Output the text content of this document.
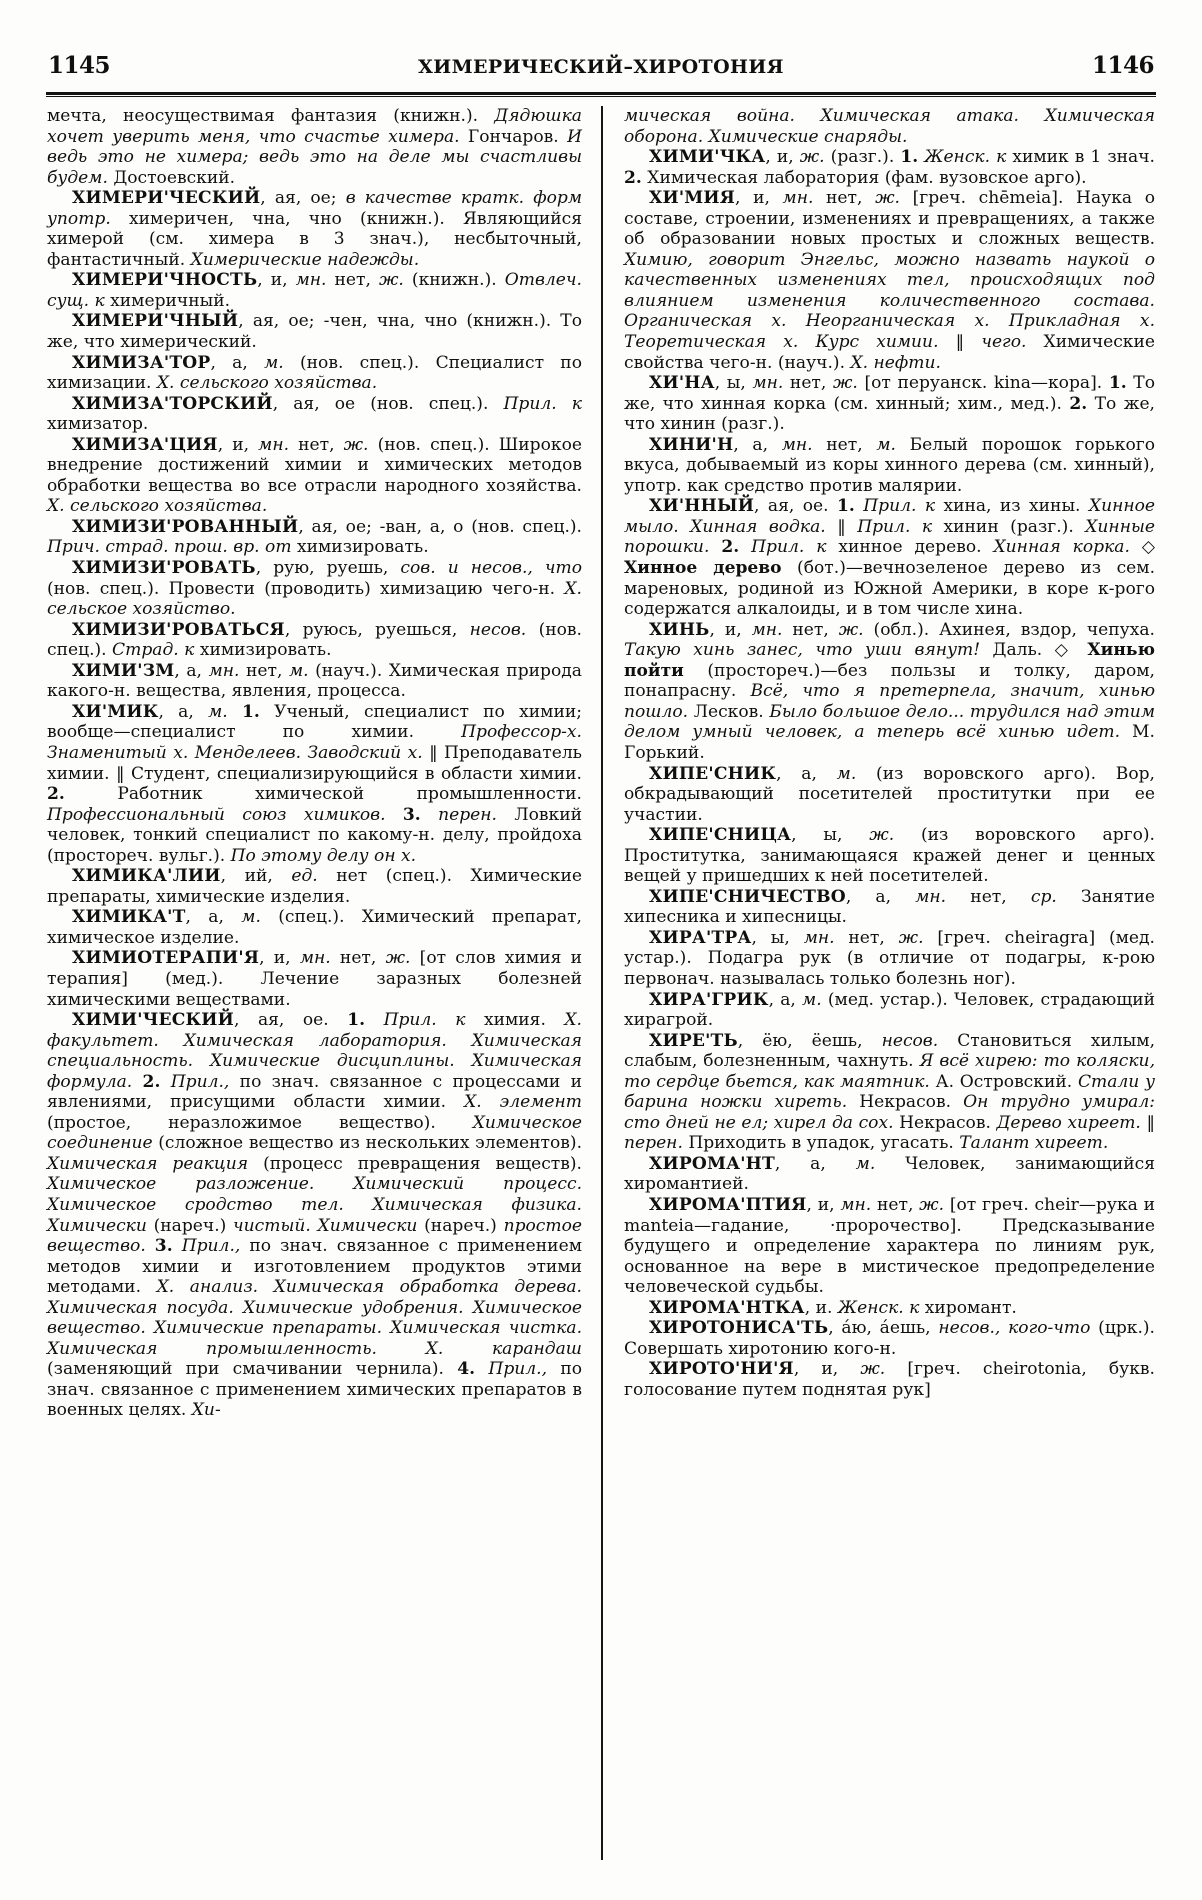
1145	ХИМЕРИЧЕСКИЙ–ХИРОТОНИЯ	1146

мечта, неосуществимая фантазия (книжн.). Дядюшка хочет уверить меня, что счастье химера. Гончаров. И ведь это не химера; ведь это на деле мы счастливы будем. Достоевский.

ХИМЕРИ'ЧЕСКИЙ, ая, ое; в качестве кратк. форм употр. химеричен, чна, чно (книжн.). Являющийся химерой (см. химера в 3 знач.), несбыточный, фантастичный. Химерические надежды.

ХИМЕРИ'ЧНОСТЬ, и, мн. нет, ж. (книжн.). Отвлеч. сущ. к химеричный.

ХИМЕРИ'ЧНЫЙ, ая, ое; -чен, чна, чно (книжн.). То же, что химерический.

ХИМИЗА'ТОР, а, м. (нов. спец.). Специалист по химизации. Х. сельского хозяйства.

ХИМИЗА'ТОРСКИЙ, ая, ое (нов. спец.). Прил. к химизатор.

ХИМИЗА'ЦИЯ, и, мн. нет, ж. (нов. спец.). Широкое внедрение достижений химии и химических методов обработки вещества во все отрасли народного хозяйства. Х. сельского хозяйства.

ХИМИЗИ'РОВАННЫЙ, ая, ое; -ван, а, о (нов. спец.). Прич. страд. прош. вр. от химизировать.

ХИМИЗИ'РОВАТЬ, рую, руешь, сов. и несов., что (нов. спец.). Провести (проводить) химизацию чего-н. Х. сельское хозяйство.

ХИМИЗИ'РОВАТЬСЯ, руюсь, руешься, несов. (нов. спец.). Страд. к химизировать.

ХИМИ'ЗМ, а, мн. нет, м. (науч.). Химическая природа какого-н. вещества, явления, процесса.

ХИ'МИК, а, м. 1. Ученый, специалист по химии; вообще—специалист по химии. Профессор-х. Знаменитый х. Менделеев. Заводский х. ‖ Преподаватель химии. ‖ Студент, специализирующийся в области химии. 2. Работник химической промышленности. Профессиональный союз химиков. 3. перен. Ловкий человек, тонкий специалист по какому-н. делу, пройдоха (простореч. вульг.). По этому делу он х.

ХИМИКА'ЛИИ, ий, ед. нет (спец.). Химические препараты, химические изделия.

ХИМИКА'Т, а, м. (спец.). Химический препарат, химическое изделие.

ХИМИОТЕРАПИ'Я, и, мн. нет, ж. [от слов химия и терапия] (мед.). Лечение заразных болезней химическими веществами.

ХИМИ'ЧЕСКИЙ, ая, ое. 1. Прил. к химия. Х. факультет. Химическая лаборатория. Химическая специальность. Химические дисциплины. Химическая формула. 2. Прил., по знач. связанное с процессами и явлениями, присущими области химии. Х. элемент (простое, неразложимое вещество). Химическое соединение (сложное вещество из нескольких элементов). Химическая реакция (процесс превращения веществ). Химическое разложение. Химический процесс. Химическое сродство тел. Химическая физика. Химически (нареч.) чистый. Химически (нареч.) простое вещество. 3. Прил., по знач. связанное с применением методов химии и изготовлением продуктов этими методами. Х. анализ. Химическая обработка дерева. Химическая посуда. Химические удобрения. Химическое вещество. Химические препараты. Химическая чистка. Химическая промышленность. Х. карандаш (заменяющий при смачивании чернила). 4. Прил., по знач. связанное с применением химических препаратов в военных целях. Хи-

мическая война. Химическая атака. Химическая оборона. Химические снаряды.

ХИМИ'ЧКА, и, ж. (разг.). 1. Женск. к химик в 1 знач. 2. Химическая лаборатория (фам. вузовское арго).

ХИ'МИЯ, и, мн. нет, ж. [греч. chēmeia]. Наука о составе, строении, изменениях и превращениях, а также об образовании новых простых и сложных веществ. Химию, говорит Энгельс, можно назвать наукой о качественных изменениях тел, происходящих под влиянием изменения количественного состава. Органическая х. Неорганическая х. Прикладная х. Теоретическая х. Курс химии. ‖ чего. Химические свойства чего-н. (науч.). Х. нефти.

ХИ'НА, ы, мн. нет, ж. [от перуанск. kina—кора]. 1. То же, что хинная корка (см. хинный; хим., мед.). 2. То же, что хинин (разг.).

ХИНИ'Н, а, мн. нет, м. Белый порошок горького вкуса, добываемый из коры хинного дерева (см. хинный), употр. как средство против малярии.

ХИ'ННЫЙ, ая, ое. 1. Прил. к хина, из хины. Хинное мыло. Хинная водка. ‖ Прил. к хинин (разг.). Хинные порошки. 2. Прил. к хинное дерево. Хинная корка. ◇ Хинное дерево (бот.)—вечнозеленое дерево из сем. мареновых, родиной из Южной Америки, в коре к-рого содержатся алкалоиды, и в том числе хина.

ХИНЬ, и, мн. нет, ж. (обл.). Ахинея, вздор, чепуха. Такую хинь занес, что уши вянут! Даль. ◇ Хинью пойти (простореч.)—без пользы и толку, даром, понапрасну. Всё, что я претерпела, значит, хинью пошло. Лесков. Было большое дело... трудился над этим делом умный человек, а теперь всё хинью идет. М. Горький.

ХИПЕ'СНИК, а, м. (из воровского арго). Вор, обкрадывающий посетителей проститутки при ее участии.

ХИПЕ'СНИЦА, ы, ж. (из воровского арго). Проститутка, занимающаяся кражей денег и ценных вещей у пришедших к ней посетителей.

ХИПЕ'СНИЧЕСТВО, а, мн. нет, ср. Занятие хипесника и хипесницы.

ХИРА'ТРА, ы, мн. нет, ж. [греч. cheiragra] (мед. устар.). Подагра рук (в отличие от подагры, к-рою первонач. называлась только болезнь ног).

ХИРА'ГРИК, а, м. (мед. устар.). Человек, страдающий хирагрой.

ХИРЕ'ТЬ, ёю, ёешь, несов. Становиться хилым, слабым, болезненным, чахнуть. Я всё хирею: то коляски, то сердце бьется, как маятник. А. Островский. Стали у барина ножки хиреть. Некрасов. Он трудно умирал: сто дней не ел; хирел да сох. Некрасов. Дерево хиреет. ‖ перен. Приходить в упадок, угасать. Талант хиреет.

ХИРОМА'НТ, а, м. Человек, занимающийся хиромантией.

ХИРОМА'ПТИЯ, и, мн. нет, ж. [от греч. cheir—рука и manteia—гадание, ·пророчество]. Предсказывание будущего и определение характера по линиям рук, основанное на вере в мистическое предопределение человеческой судьбы.

ХИРОМА'НТКА, и. Женск. к хиромант.

ХИРОТОНИСА'ТЬ, áю, áешь, несов., кого-что (црк.). Совершать хиротонию кого-н.

ХИРОТО'НИ'Я, и, ж. [греч. cheirotonia, букв. голосование путем поднятая рук]
